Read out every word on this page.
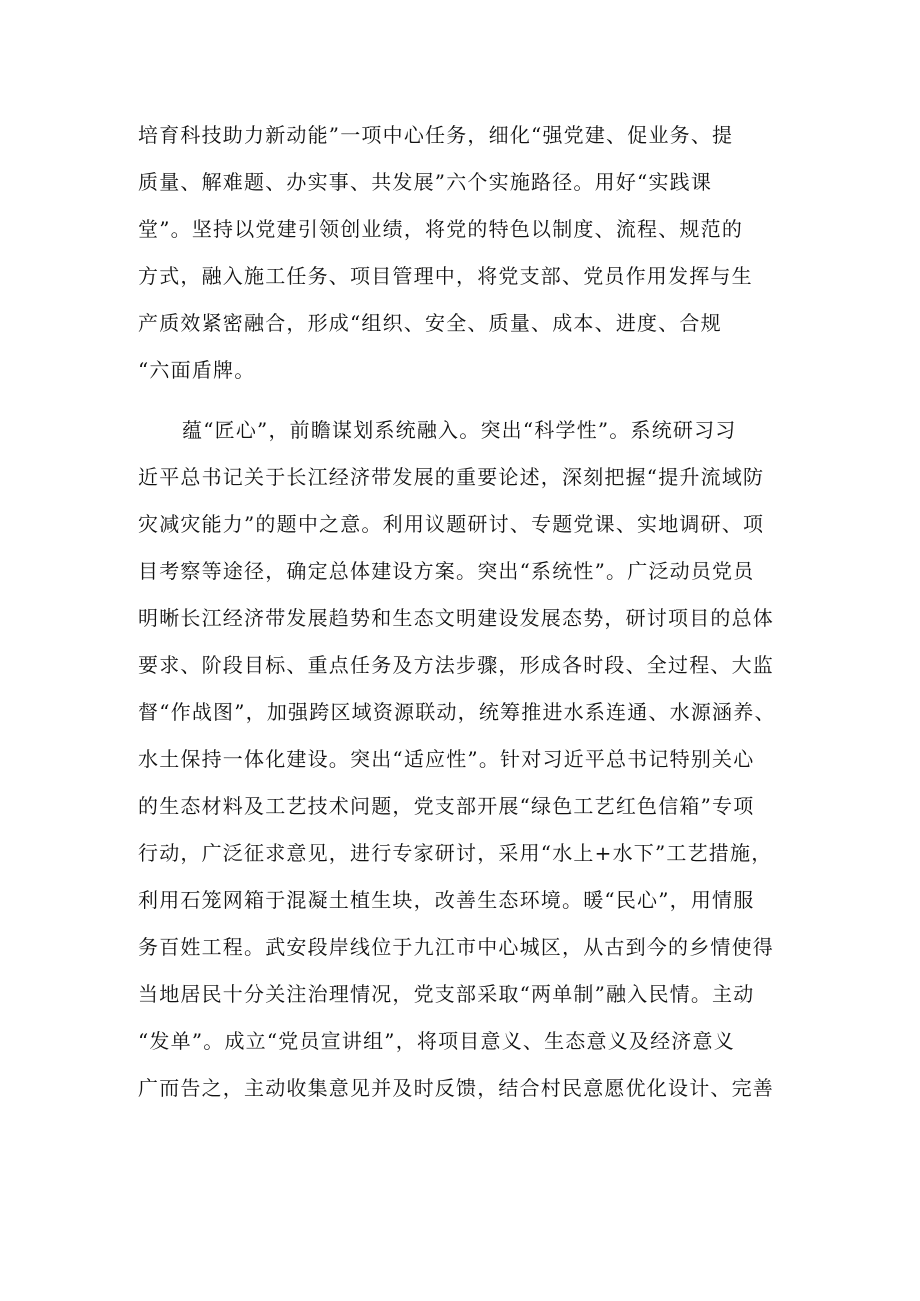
培育科技助力新动能”一项中心任务，细化“强党建、促业务、提
质量、解难题、办实事、共发展”六个实施路径。用好“实践课
堂”。坚持以党建引领创业绩，将党的特色以制度、流程、规范的
方式，融入施工任务、项目管理中，将党支部、党员作用发挥与生
产质效紧密融合，形成“组织、安全、质量、成本、进度、合规
“六面盾牌。
蕴“匠心”，前瞻谋划系统融入。突出“科学性”。系统研习习
近平总书记关于长江经济带发展的重要论述，深刻把握“提升流域防
灾减灾能力”的题中之意。利用议题研讨、专题党课、实地调研、项
目考察等途径，确定总体建设方案。突出“系统性”。广泛动员党员
明晰长江经济带发展趋势和生态文明建设发展态势，研讨项目的总体
要求、阶段目标、重点任务及方法步骤，形成各时段、全过程、大监
督“作战图”，加强跨区域资源联动，统筹推进水系连通、水源涵养、
水土保持一体化建设。突出“适应性”。针对习近平总书记特别关心
的生态材料及工艺技术问题，党支部开展“绿色工艺红色信箱”专项
行动，广泛征求意见，进行专家研讨，采用“水上+水下”工艺措施，
利用石笼网箱于混凝土植生块，改善生态环境。暖“民心”，用情服
务百姓工程。武安段岸线位于九江市中心城区，从古到今的乡情使得
当地居民十分关注治理情况，党支部采取“两单制”融入民情。主动
“发单”。成立“党员宣讲组”，将项目意义、生态意义及经济意义
广而告之，主动收集意见并及时反馈，结合村民意愿优化设计、完善
